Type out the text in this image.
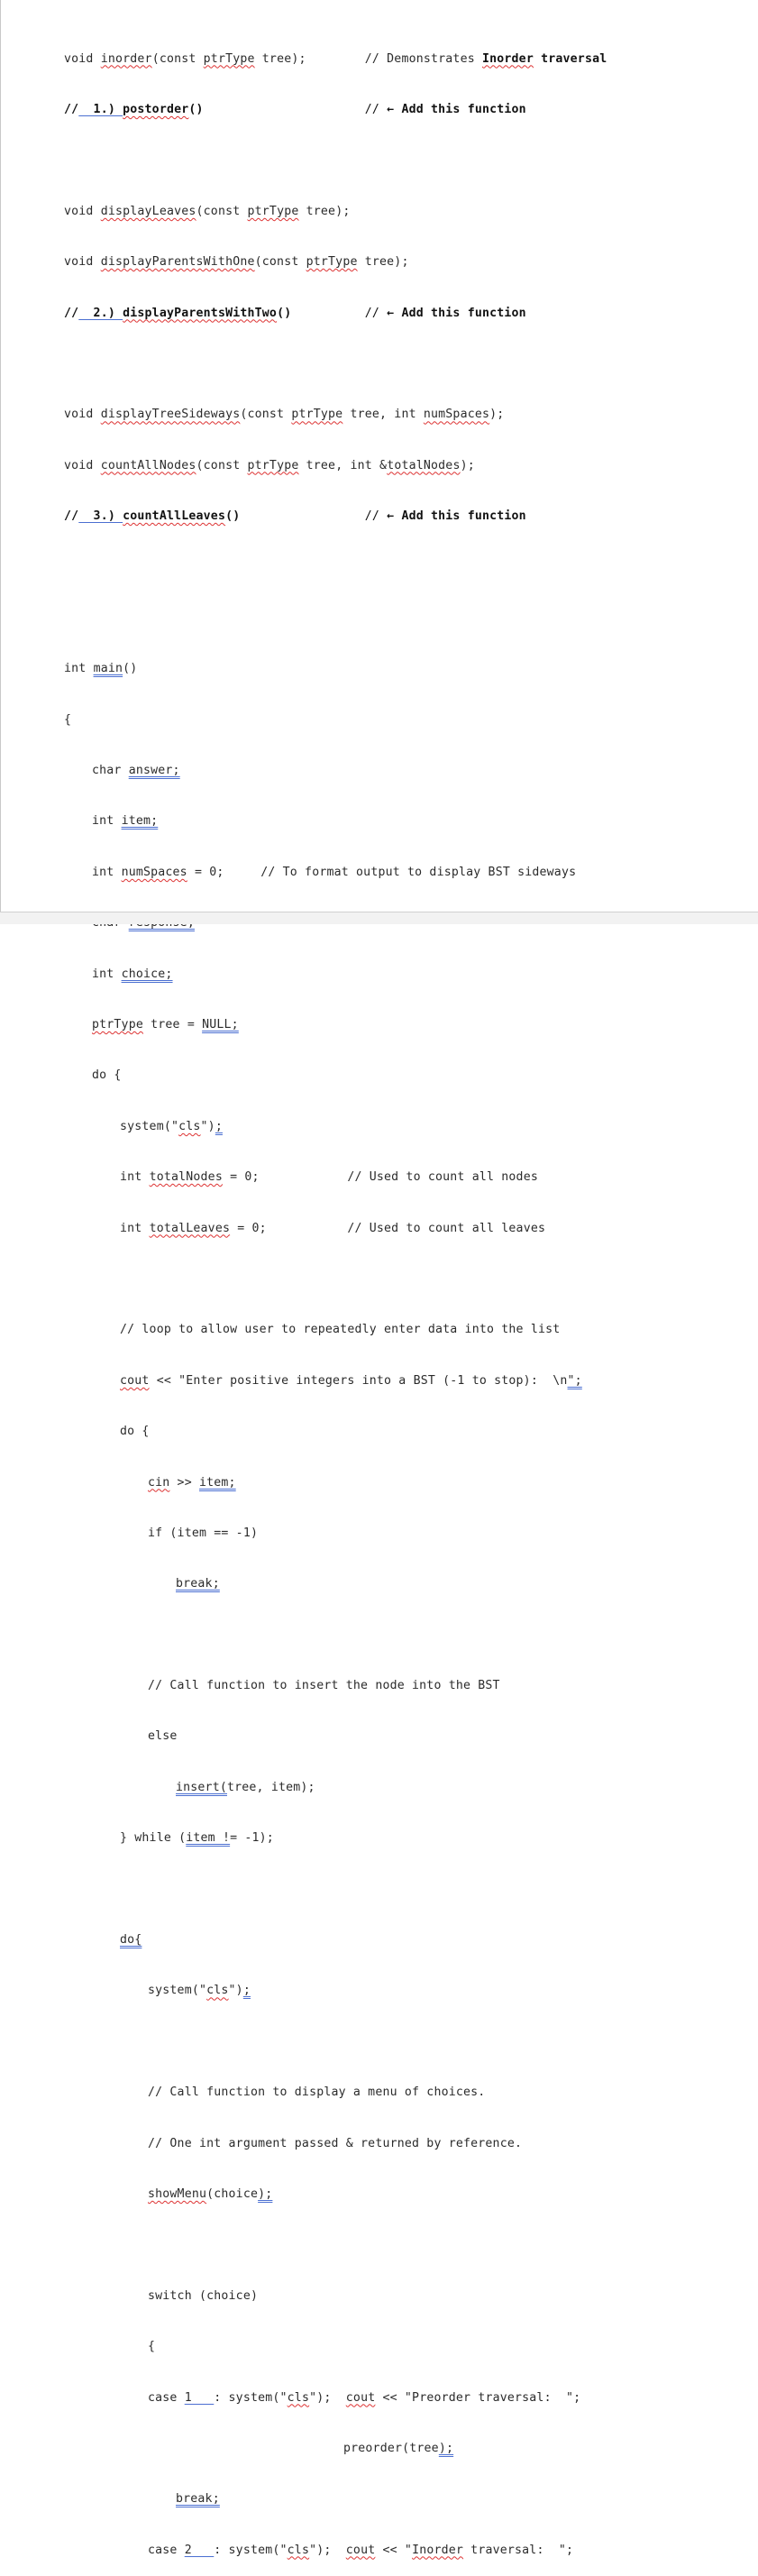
void inorder(const ptrType tree);        // Demonstrates Inorder traversal

//  1.) postorder()                      // ← Add this function

void displayLeaves(const ptrType tree);

void displayParentsWithOne(const ptrType tree);

//  2.) displayParentsWithTwo()          // ← Add this function

void displayTreeSideways(const ptrType tree, int numSpaces);

void countAllNodes(const ptrType tree, int &totalNodes);

//  3.) countAllLeaves()                 // ← Add this function

int main()

{

char answer;

int item;

int numSpaces = 0;     // To format output to display BST sideways

int choice;

ptrType tree = NULL;

do {

system("cls");

int totalNodes = 0;            // Used to count all nodes

int totalLeaves = 0;           // Used to count all leaves

// loop to allow user to repeatedly enter data into the list

cout << "Enter positive integers into a BST (-1 to stop):  \n";

do {

cin >> item;

if (item == -1)

break;

// Call function to insert the node into the BST

else

insert(tree, item);

} while (item != -1);

do{

system("cls");

// Call function to display a menu of choices.

// One int argument passed & returned by reference.

showMenu(choice);

switch (choice)

{

case 1   : system("cls");  cout << "Preorder traversal:  ";

preorder(tree);

break;

case 2   : system("cls");  cout << "Inorder traversal:  ";
